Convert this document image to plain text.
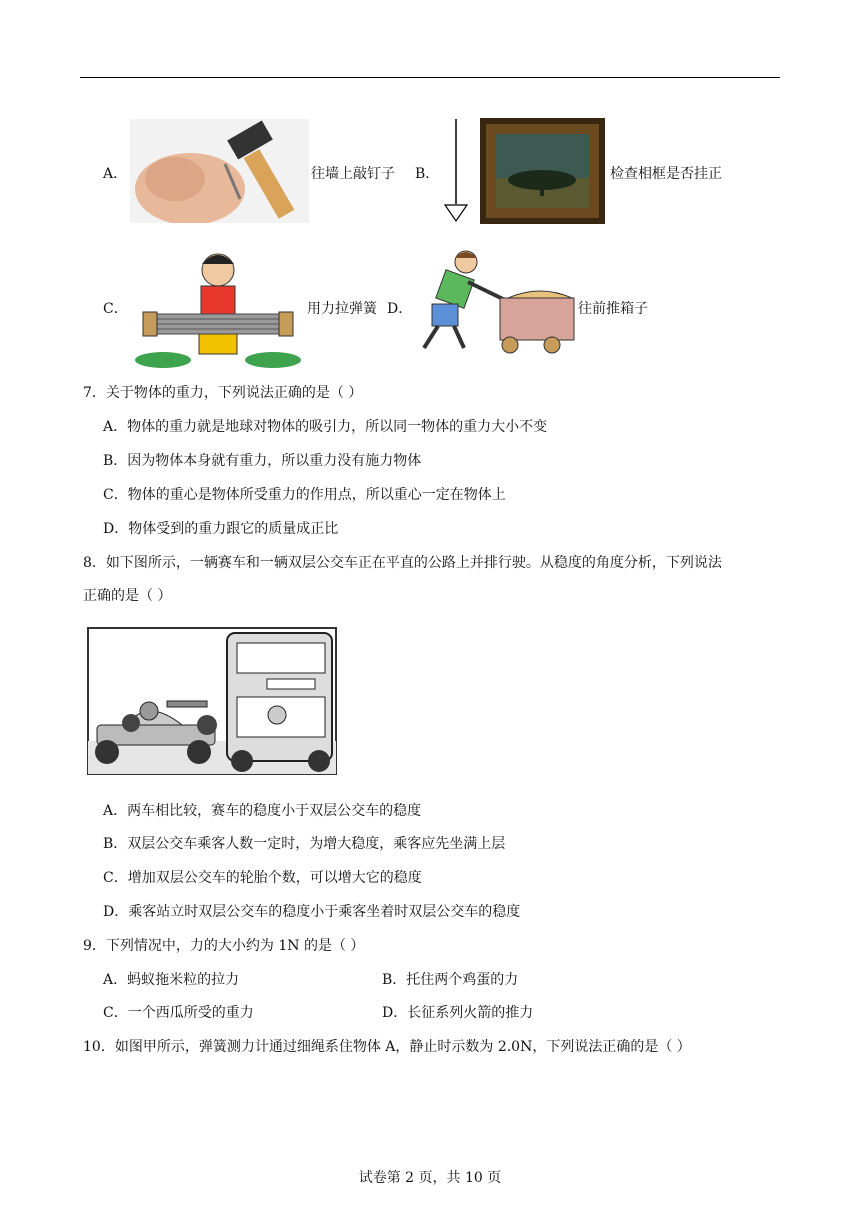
A．	往墙上敲钉子 B．	检查相框是否挂正
C．	用力拉弹簧 D．	往前推箱子
7．关于物体的重力，下列说法正确的是（ ）
A．物体的重力就是地球对物体的吸引力，所以同一物体的重力大小不变
B．因为物体本身就有重力，所以重力没有施力物体
C．物体的重心是物体所受重力的作用点，所以重心一定在物体上
D．物体受到的重力跟它的质量成正比
8．如下图所示，一辆赛车和一辆双层公交车正在平直的公路上并排行驶。从稳度的角度分析，下列说法
正确的是（ ）
A．两车相比较，赛车的稳度小于双层公交车的稳度
B．双层公交车乘客人数一定时，为增大稳度，乘客应先坐满上层
C．增加双层公交车的轮胎个数，可以增大它的稳度
D．乘客站立时双层公交车的稳度小于乘客坐着时双层公交车的稳度
9．下列情况中，力的大小约为 1N 的是（ ）
A．蚂蚁拖米粒的拉力	B．托住两个鸡蛋的力
C．一个西瓜所受的重力	D．长征系列火箭的推力
10．如图甲所示，弹簧测力计通过细绳系住物体 A，静止时示数为 2.0N，下列说法正确的是（ ）
试卷第 2 页，共 10 页
